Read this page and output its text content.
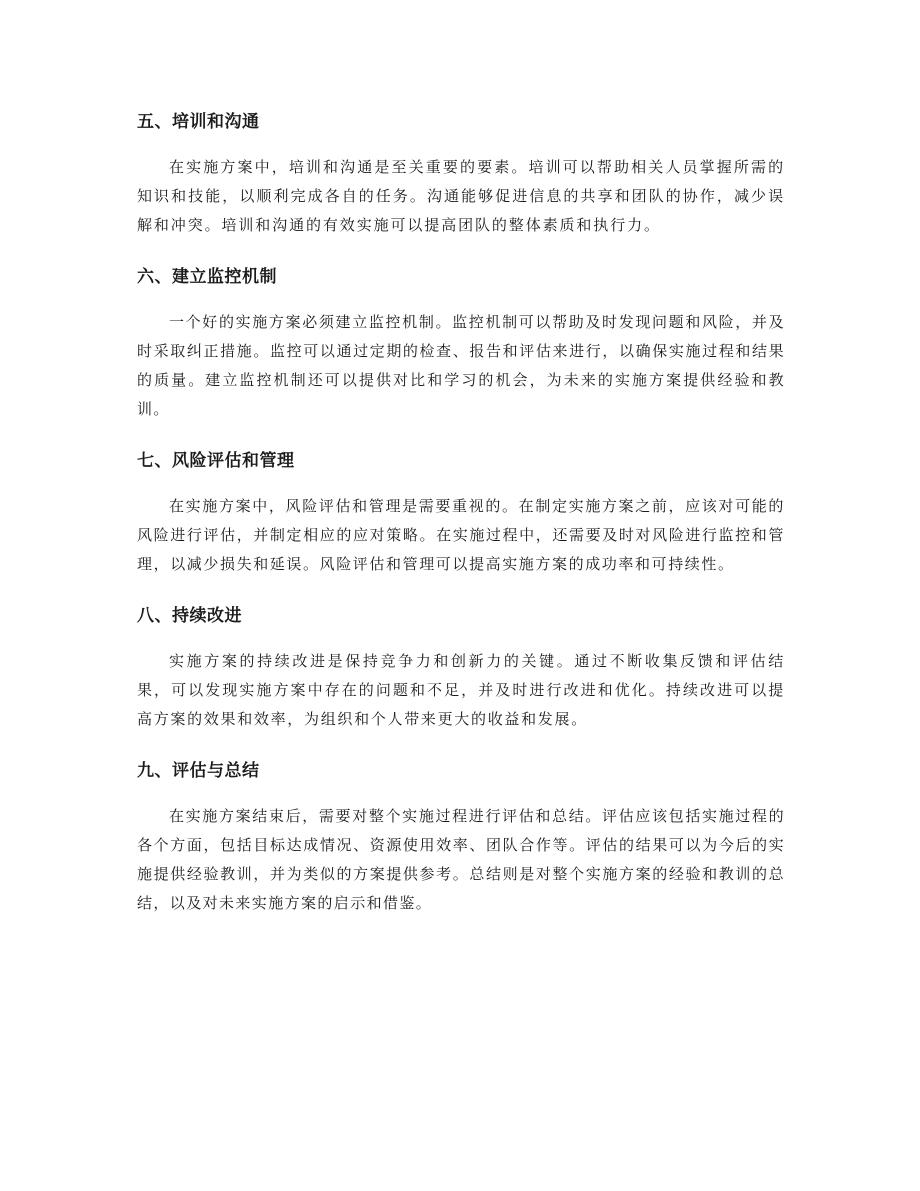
五、培训和沟通

在实施方案中，培训和沟通是至关重要的要素。培训可以帮助相关人员掌握所需的知识和技能，以顺利完成各自的任务。沟通能够促进信息的共享和团队的协作，减少误解和冲突。培训和沟通的有效实施可以提高团队的整体素质和执行力。

六、建立监控机制

一个好的实施方案必须建立监控机制。监控机制可以帮助及时发现问题和风险，并及时采取纠正措施。监控可以通过定期的检查、报告和评估来进行，以确保实施过程和结果的质量。建立监控机制还可以提供对比和学习的机会，为未来的实施方案提供经验和教训。

七、风险评估和管理

在实施方案中，风险评估和管理是需要重视的。在制定实施方案之前，应该对可能的风险进行评估，并制定相应的应对策略。在实施过程中，还需要及时对风险进行监控和管理，以减少损失和延误。风险评估和管理可以提高实施方案的成功率和可持续性。

八、持续改进

实施方案的持续改进是保持竞争力和创新力的关键。通过不断收集反馈和评估结果，可以发现实施方案中存在的问题和不足，并及时进行改进和优化。持续改进可以提高方案的效果和效率，为组织和个人带来更大的收益和发展。

九、评估与总结

在实施方案结束后，需要对整个实施过程进行评估和总结。评估应该包括实施过程的各个方面，包括目标达成情况、资源使用效率、团队合作等。评估的结果可以为今后的实施提供经验教训，并为类似的方案提供参考。总结则是对整个实施方案的经验和教训的总结，以及对未来实施方案的启示和借鉴。
